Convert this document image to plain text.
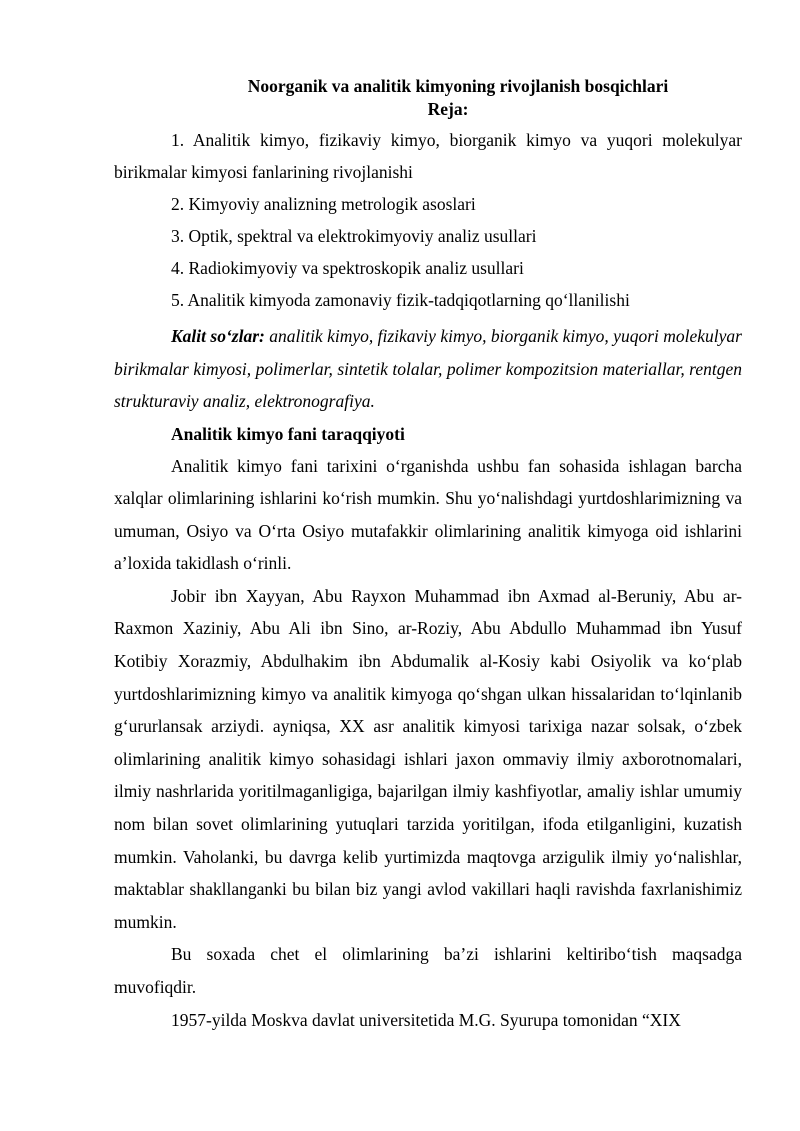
Noorganik va analitik kimyoning rivojlanish bosqichlari

Reja:

1. Analitik kimyo, fizikaviy kimyo, biorganik kimyo va yuqori molekulyar birikmalar kimyosi fanlarining rivojlanishi

2. Kimyoviy analizning metrologik asoslari

3. Optik, spektral va elektrokimyoviy analiz usullari

4. Radiokimyoviy va spektroskopik analiz usullari

5. Analitik kimyoda zamonaviy fizik-tadqiqotlarning qo‘llanilishi

Kalit so‘zlar: analitik kimyo, fizikaviy kimyo, biorganik kimyo, yuqori molekulyar birikmalar kimyosi, polimerlar, sintetik tolalar, polimer kompozitsion materiallar, rentgen strukturaviy analiz, elektronografiya.

Analitik kimyo fani taraqqiyoti

Analitik kimyo fani tarixini o‘rganishda ushbu fan sohasida ishlagan barcha xalqlar olimlarining ishlarini ko‘rish mumkin. Shu yo‘nalishdagi yurtdoshlarimizning va umuman, Osiyo va O‘rta Osiyo mutafakkir olimlarining analitik kimyoga oid ishlarini a’loxida takidlash o‘rinli.

Jobir ibn Xayyan, Abu Rayxon Muhammad ibn Axmad al-Beruniy, Abu ar-Raxmon Xaziniy, Abu Ali ibn Sino, ar-Roziy, Abu Abdullo Muhammad ibn Yusuf Kotibiy Xorazmiy, Abdulhakim ibn Abdumalik al-Kosiy kabi Osiyolik va ko‘plab yurtdoshlarimizning kimyo va analitik kimyoga qo‘shgan ulkan hissalaridan to‘lqinlanib g‘ururlansak arziydi. ayniqsa, XX asr analitik kimyosi tarixiga nazar solsak, o‘zbek olimlarining analitik kimyo sohasidagi ishlari jaxon ommaviy ilmiy axborotnomalari, ilmiy nashrlarida yoritilmaganligiga, bajarilgan ilmiy kashfiyotlar, amaliy ishlar umumiy nom bilan sovet olimlarining yutuqlari tarzida yoritilgan, ifoda etilganligini, kuzatish mumkin. Vaholanki, bu davrga kelib yurtimizda maqtovga arzigulik ilmiy yo‘nalishlar, maktablar shakllanganki bu bilan biz yangi avlod vakillari haqli ravishda faxrlanishimiz mumkin.

Bu soxada chet el olimlarining ba’zi ishlarini keltiribo‘tish maqsadga muvofiqdir.

1957-yilda Moskva davlat universitetida M.G. Syurupa tomonidan “XIX
